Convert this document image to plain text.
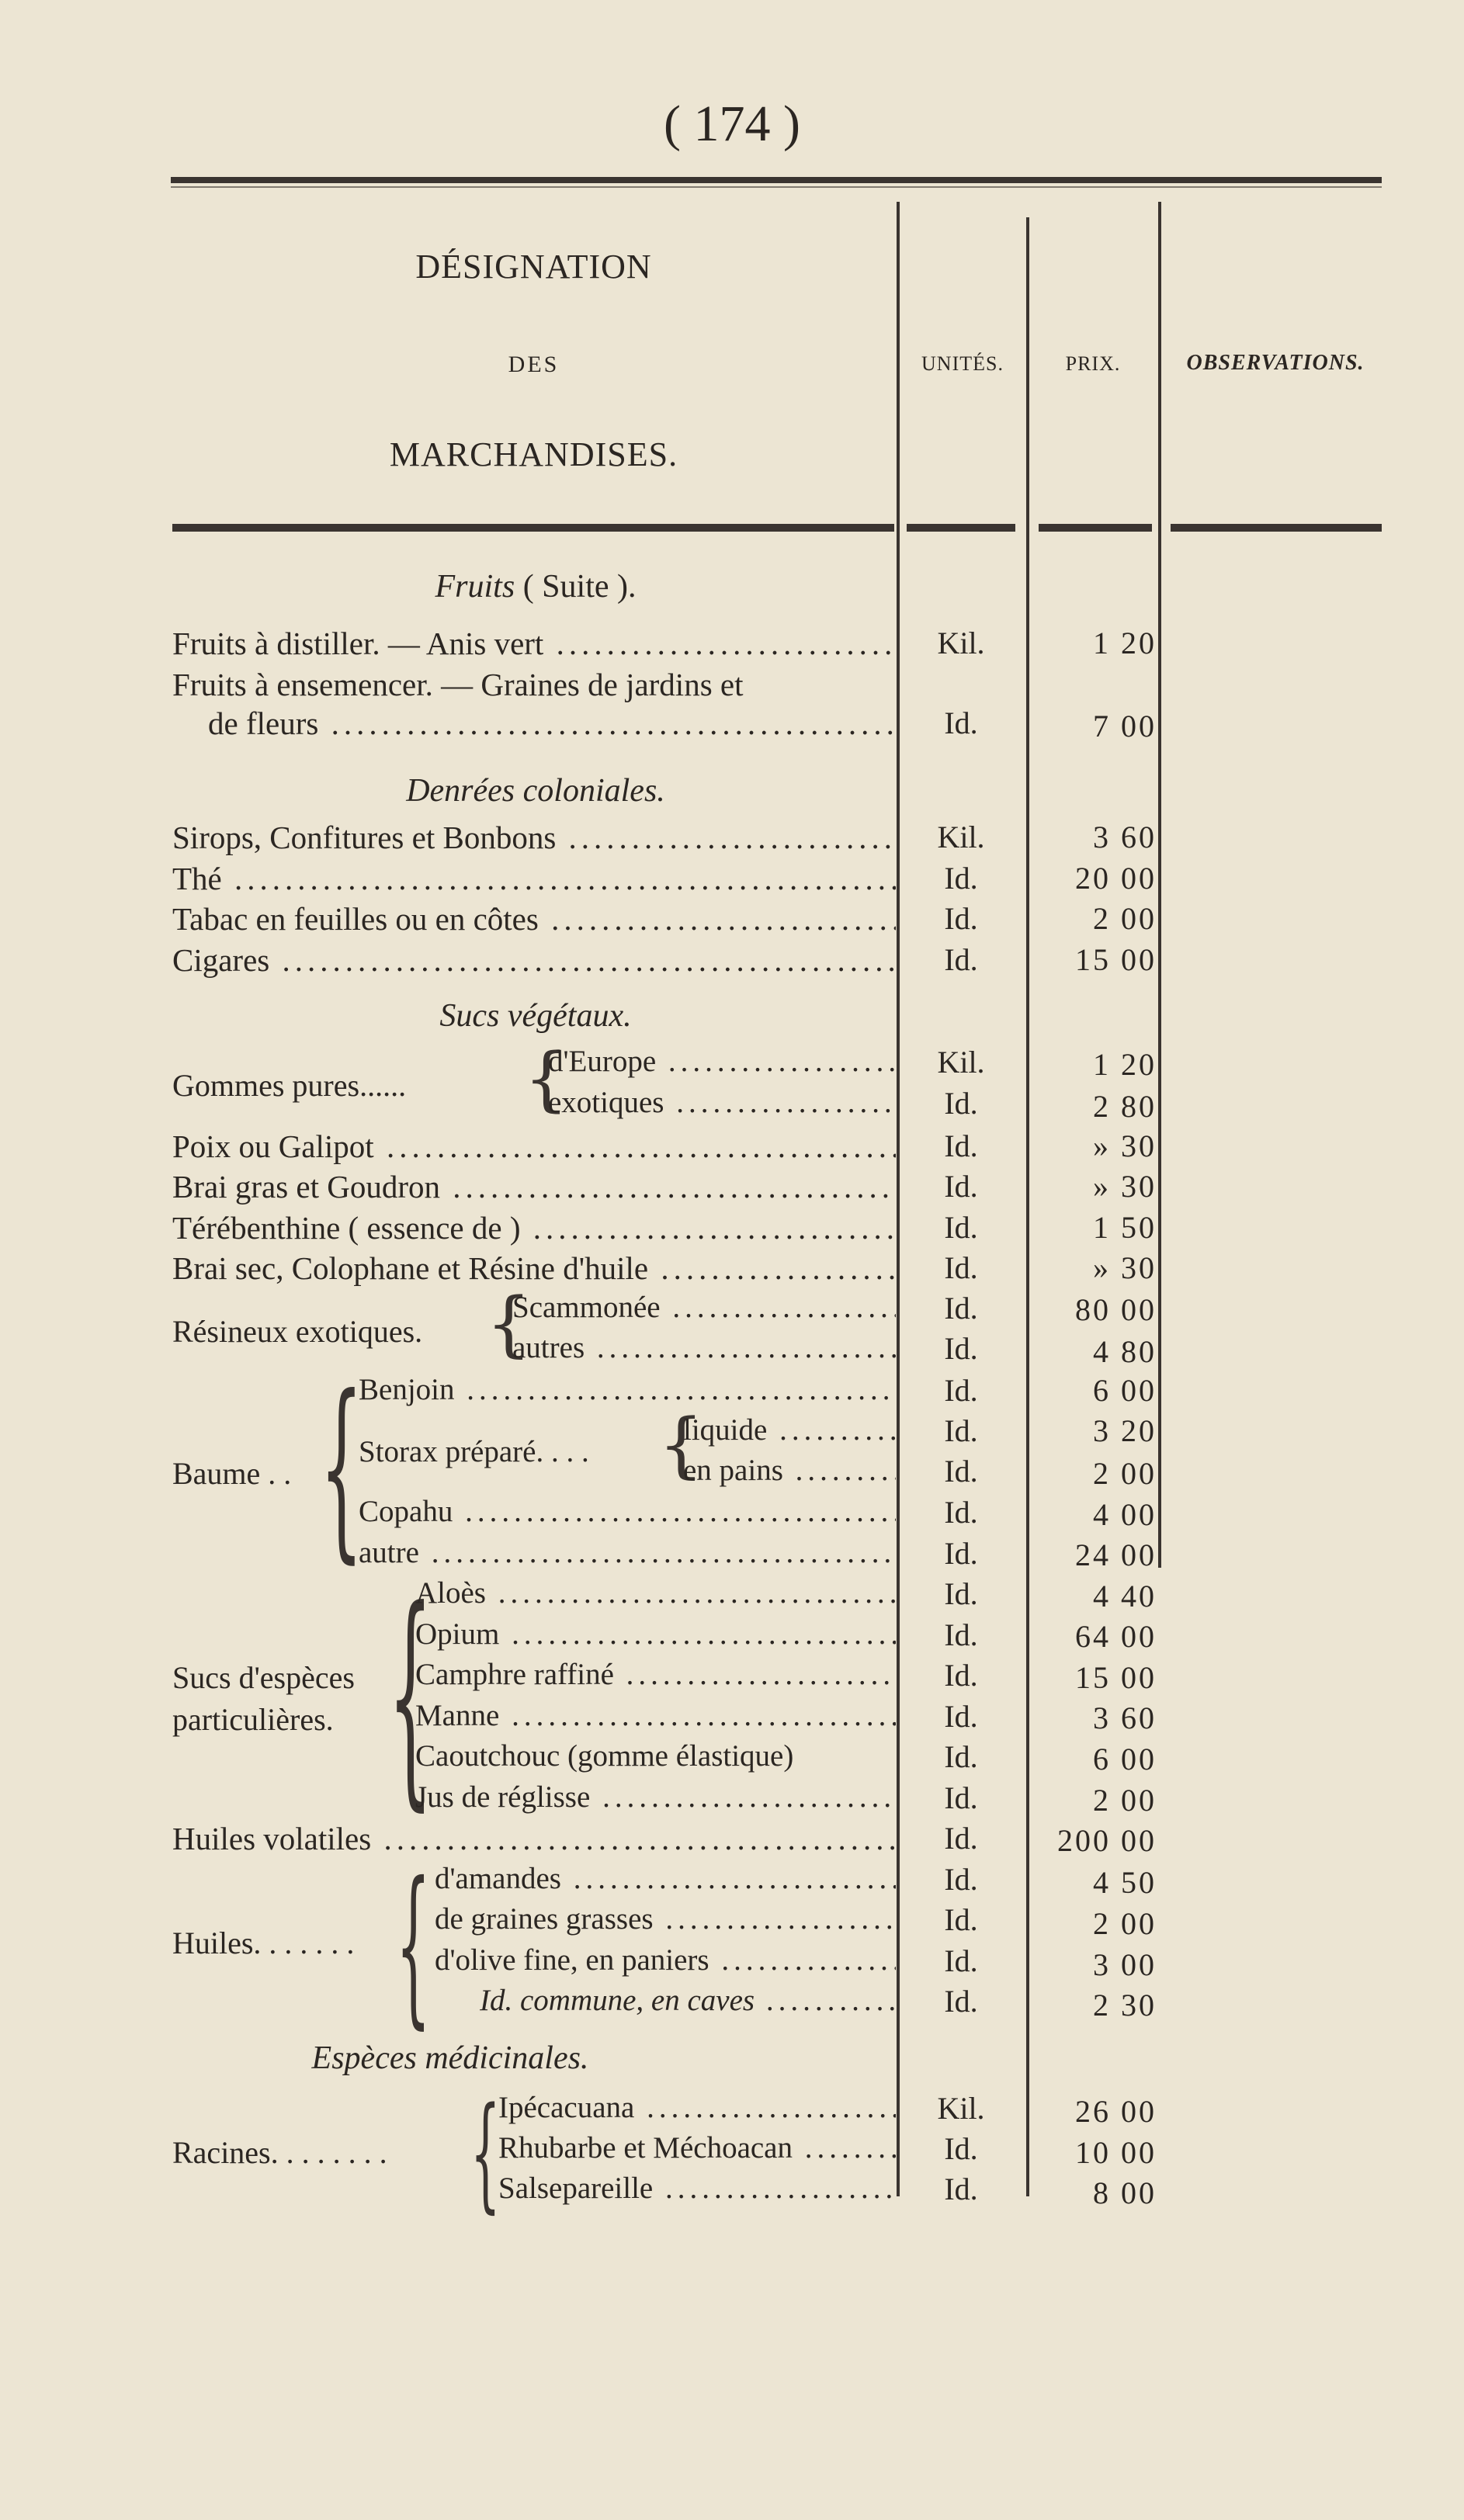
( 174 )
DÉSIGNATION
DES
MARCHANDISES.
UNITÉS.	PRIX.	OBSERVATIONS.
Fruits ( Suite ).
Fruits à distiller. — Anis vert .....	Kil.	1 20
Fruits à ensemencer. — Graines de jardins et
de fleurs .....	Id.	7 00
Denrées coloniales.
Sirops, Confitures et Bonbons .....	Kil.	3 60
Thé .....	Id.	20 00
Tabac en feuilles ou en côtes .....	Id.	2 00
Cigares .....	Id.	15 00
Sucs végétaux.
Gommes pures...... {
d'Europe .....	Kil.	1 20
exotiques .....	Id.	2 80
Poix ou Galipot .....	Id.	» 30
Brai gras et Goudron .....	Id.	» 30
Térébenthine ( essence de ) .....	Id.	1 50
Brai sec, Colophane et Résine d'huile .....	Id.	» 30
Résineux exotiques. {
Scammonée .....	Id.	80 00
autres .....	Id.	4 80
Baume . . {
Benjoin .....	Id.	6 00
Storax préparé. . . . {
liquide .....	Id.	3 20
en pains .....	Id.	2 00
Copahu .....	Id.	4 00
autre .....	Id.	24 00
Sucs d'espèces
particulières. {
Aloès .....	Id.	4 40
Opium .....	Id.	64 00
Camphre raffiné .....	Id.	15 00
Manne .....	Id.	3 60
Caoutchouc (gomme élastique)	Id.	6 00
Jus de réglisse .....	Id.	2 00
Huiles volatiles .....	Id.	200 00
Huiles. . . . . . . { d'amandes .....	Id.	4 50
de graines grasses .....	Id.	2 00
d'olive fine, en paniers .....	Id.	3 00
Id. commune, en caves .....	Id.	2 30
Espèces médicinales.
Racines. . . . . . . . {
Ipécacuana .....	Kil.	26 00
Rhubarbe et Méchoacan .....	Id.	10 00
Salsepareille .....	Id.	8 00
